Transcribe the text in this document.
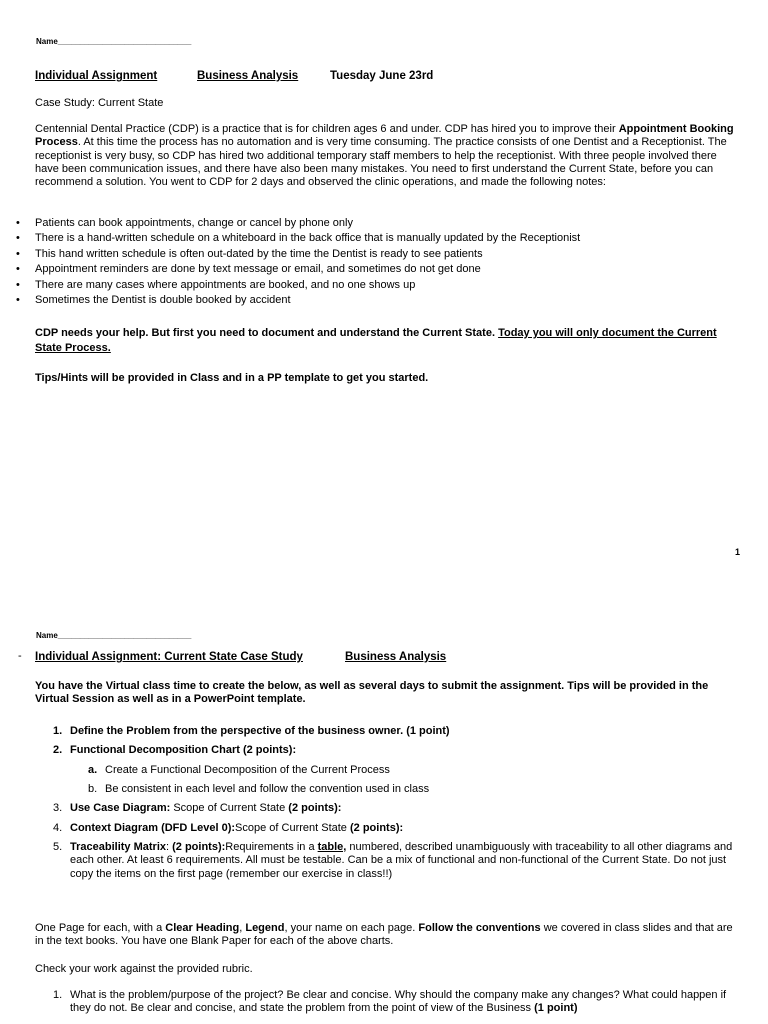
Name______________________________
Individual Assignment	Business Analysis	Tuesday June 23rd
Case Study: Current State
Centennial Dental Practice (CDP) is a practice that is for children ages 6 and under. CDP has hired you to improve their Appointment Booking Process. At this time the process has no automation and is very time consuming. The practice consists of one Dentist and a Receptionist. The receptionist is very busy, so CDP has hired two additional temporary staff members to help the receptionist. With three people involved there have been communication issues, and there have also been many mistakes. You need to first understand the Current State, before you can recommend a solution. You went to CDP for 2 days and observed the clinic operations, and made the following notes:
• Patients can book appointments, change or cancel by phone only
• There is a hand-written schedule on a whiteboard in the back office that is manually updated by the Receptionist
• This hand written schedule is often out-dated by the time the Dentist is ready to see patients
• Appointment reminders are done by text message or email, and sometimes do not get done
• There are many cases where appointments are booked, and no one shows up
• Sometimes the Dentist is double booked by accident
CDP needs your help. But first you need to document and understand the Current State. Today you will only document the Current State Process.
Tips/Hints will be provided in Class and in a PP template to get you started.
1
Name______________________________
- Individual Assignment: Current State Case Study	Business Analysis
You have the Virtual class time to create the below, as well as several days to submit the assignment. Tips will be provided in the Virtual Session as well as in a PowerPoint template.
1. Define the Problem from the perspective of the business owner. (1 point)
2. Functional Decomposition Chart (2 points):
a. Create a Functional Decomposition of the Current Process
b. Be consistent in each level and follow the convention used in class
3. Use Case Diagram: Scope of Current State (2 points):
4. Context Diagram (DFD Level 0):Scope of Current State (2 points):
5. Traceability Matrix: (2 points):Requirements in a table, numbered, described unambiguously with traceability to all other diagrams and each other. At least 6 requirements. All must be testable. Can be a mix of functional and non-functional of the Current State. Do not just copy the items on the first page (remember our exercise in class!!)
One Page for each, with a Clear Heading, Legend, your name on each page. Follow the conventions we covered in class slides and that are in the text books. You have one Blank Paper for each of the above charts.
Check your work against the provided rubric.
1. What is the problem/purpose of the project? Be clear and concise. Why should the company make any changes? What could happen if they do not. Be clear and concise, and state the problem from the point of view of the Business (1 point)
